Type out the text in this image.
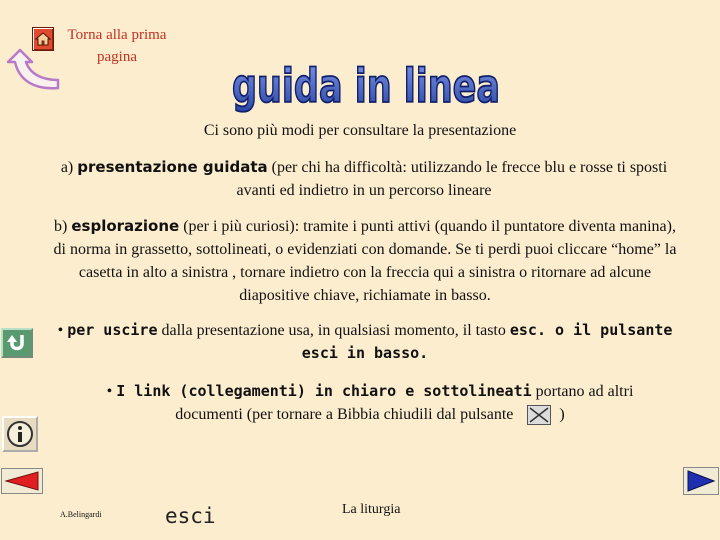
Torna alla prima pagina
guida in linea
Ci sono più modi per consultare la presentazione
a) presentazione guidata (per chi ha difficoltà: utilizzando le frecce blu e rosse ti sposti avanti ed indietro in un percorso lineare
b) esplorazione (per i più curiosi): tramite i punti attivi (quando il puntatore diventa manina), di norma in grassetto, sottolineati, o evidenziati con domande. Se ti perdi puoi cliccare “home” la casetta in alto a sinistra , tornare indietro con la freccia qui a sinistra o ritornare ad alcune diapositive chiave, richiamate in basso.
• per uscire dalla presentazione usa, in qualsiasi momento, il tasto esc. o il pulsante esci in basso.
• I link (collegamenti) in chiaro e sottolineati portano ad altri documenti (per tornare a Bibbia chiudili dal pulsante	)
A.Belingardi	esci	La liturgia
